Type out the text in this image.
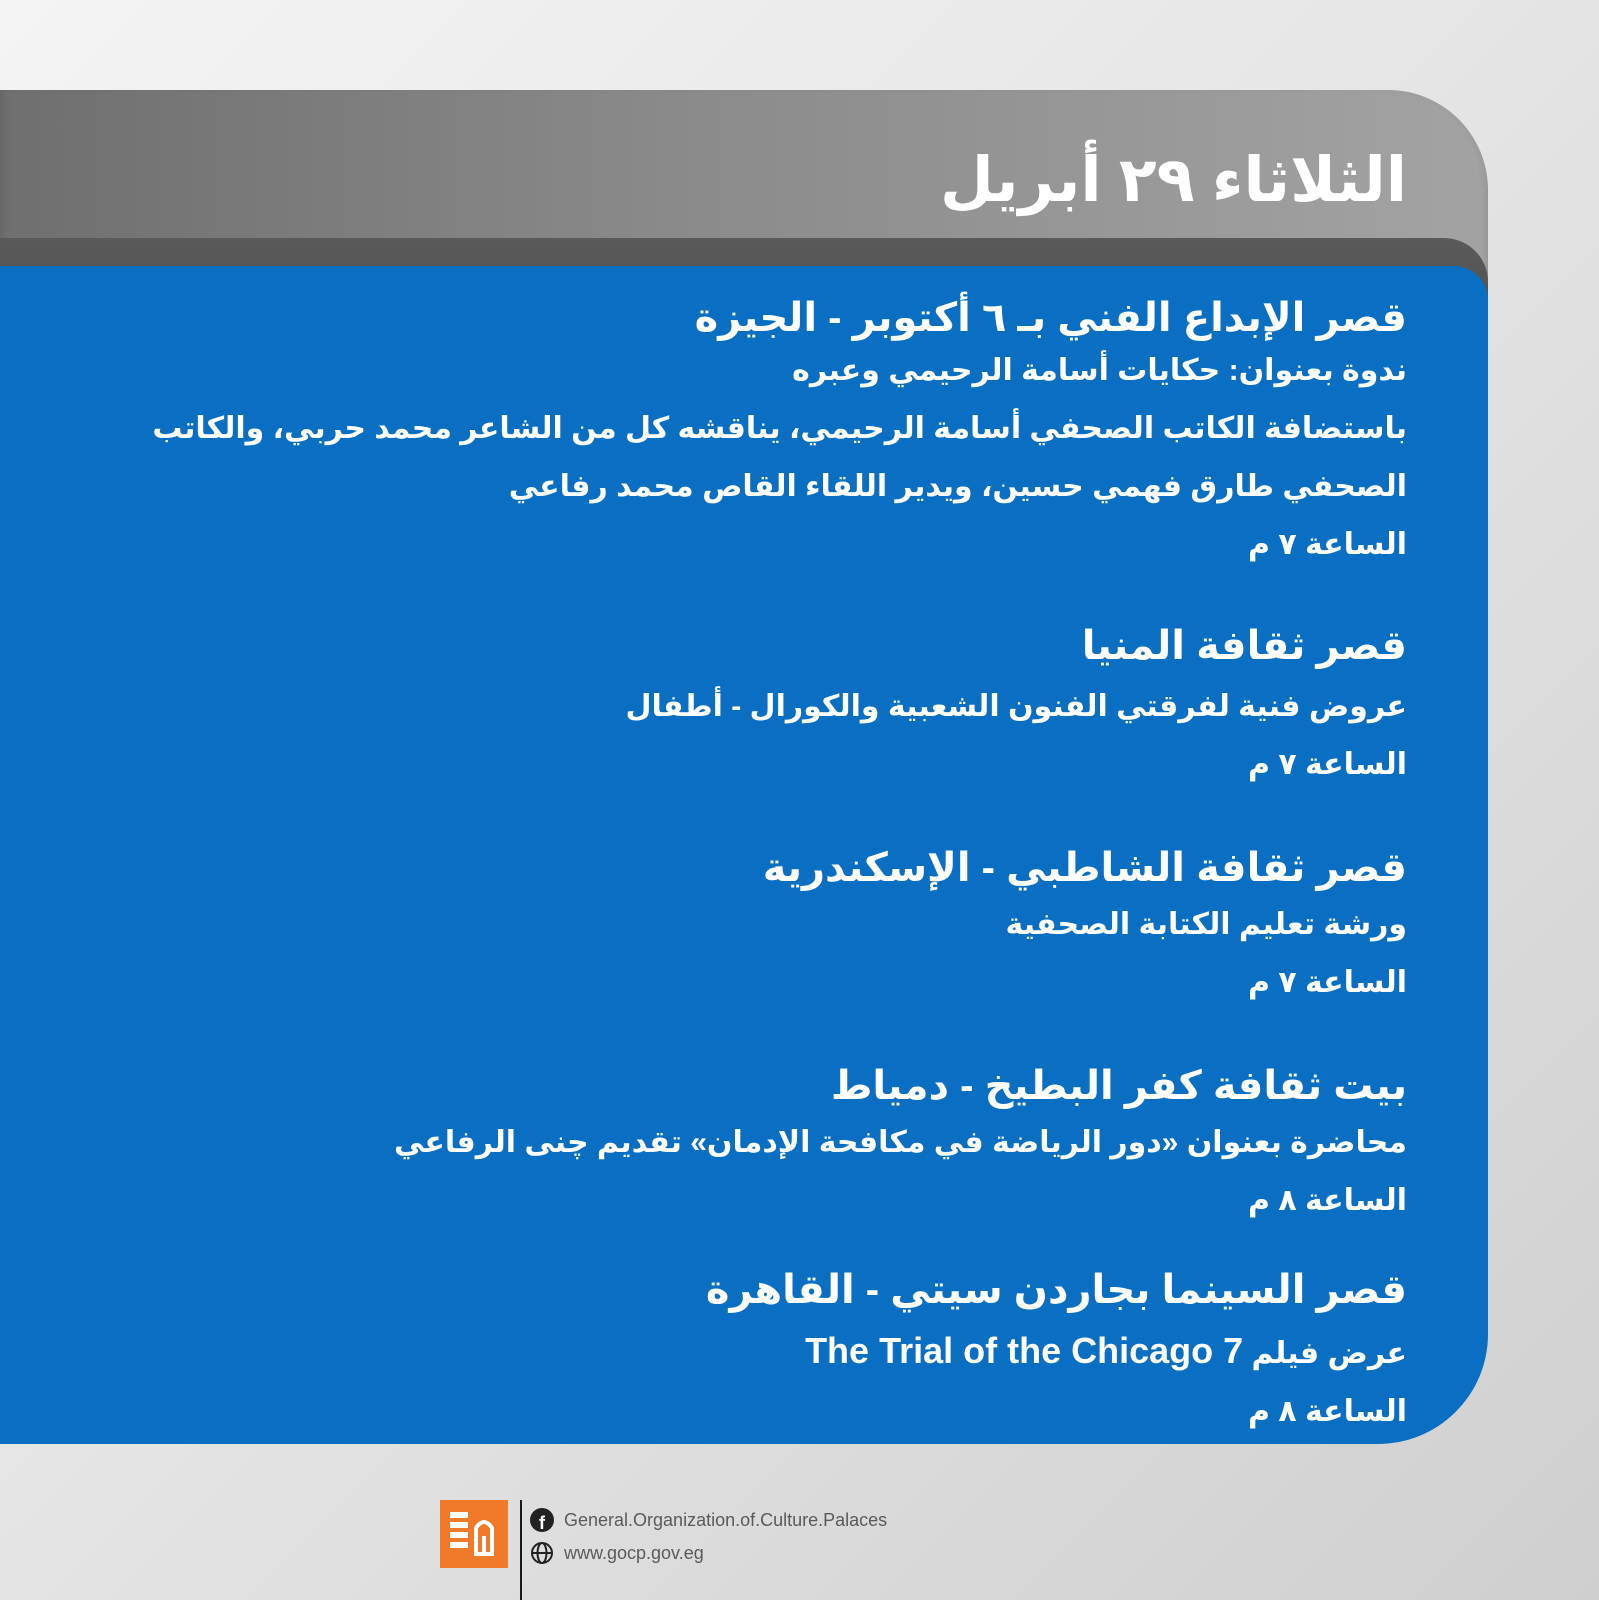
الثلاثاء ٢٩ أبريل
قصر الإبداع الفني بـ ٦ أكتوبر - الجيزة

ندوة بعنوان: حكايات أسامة الرحيمي وعبره

باستضافة الكاتب الصحفي أسامة الرحيمي، يناقشه كل من الشاعر محمد حربي، والكاتب الصحفي طارق فهمي حسين، ويدير اللقاء القاص محمد رفاعي

الساعة ٧ م

قصر ثقافة المنيا

عروض فنية لفرقتي الفنون الشعبية والكورال - أطفال

الساعة ٧ م

قصر ثقافة الشاطبي - الإسكندرية

ورشة تعليم الكتابة الصحفية

الساعة ٧ م

بيت ثقافة كفر البطيخ - دمياط

محاضرة بعنوان «دور الرياضة في مكافحة الإدمان» تقديم چنى الرفاعي

الساعة ٨ م

قصر السينما بجاردن سيتي - القاهرة

عرض فيلم The Trial of the Chicago 7

الساعة ٨ م

f	General.Organization.of.Culture.Palaces
www.gocp.gov.eg
